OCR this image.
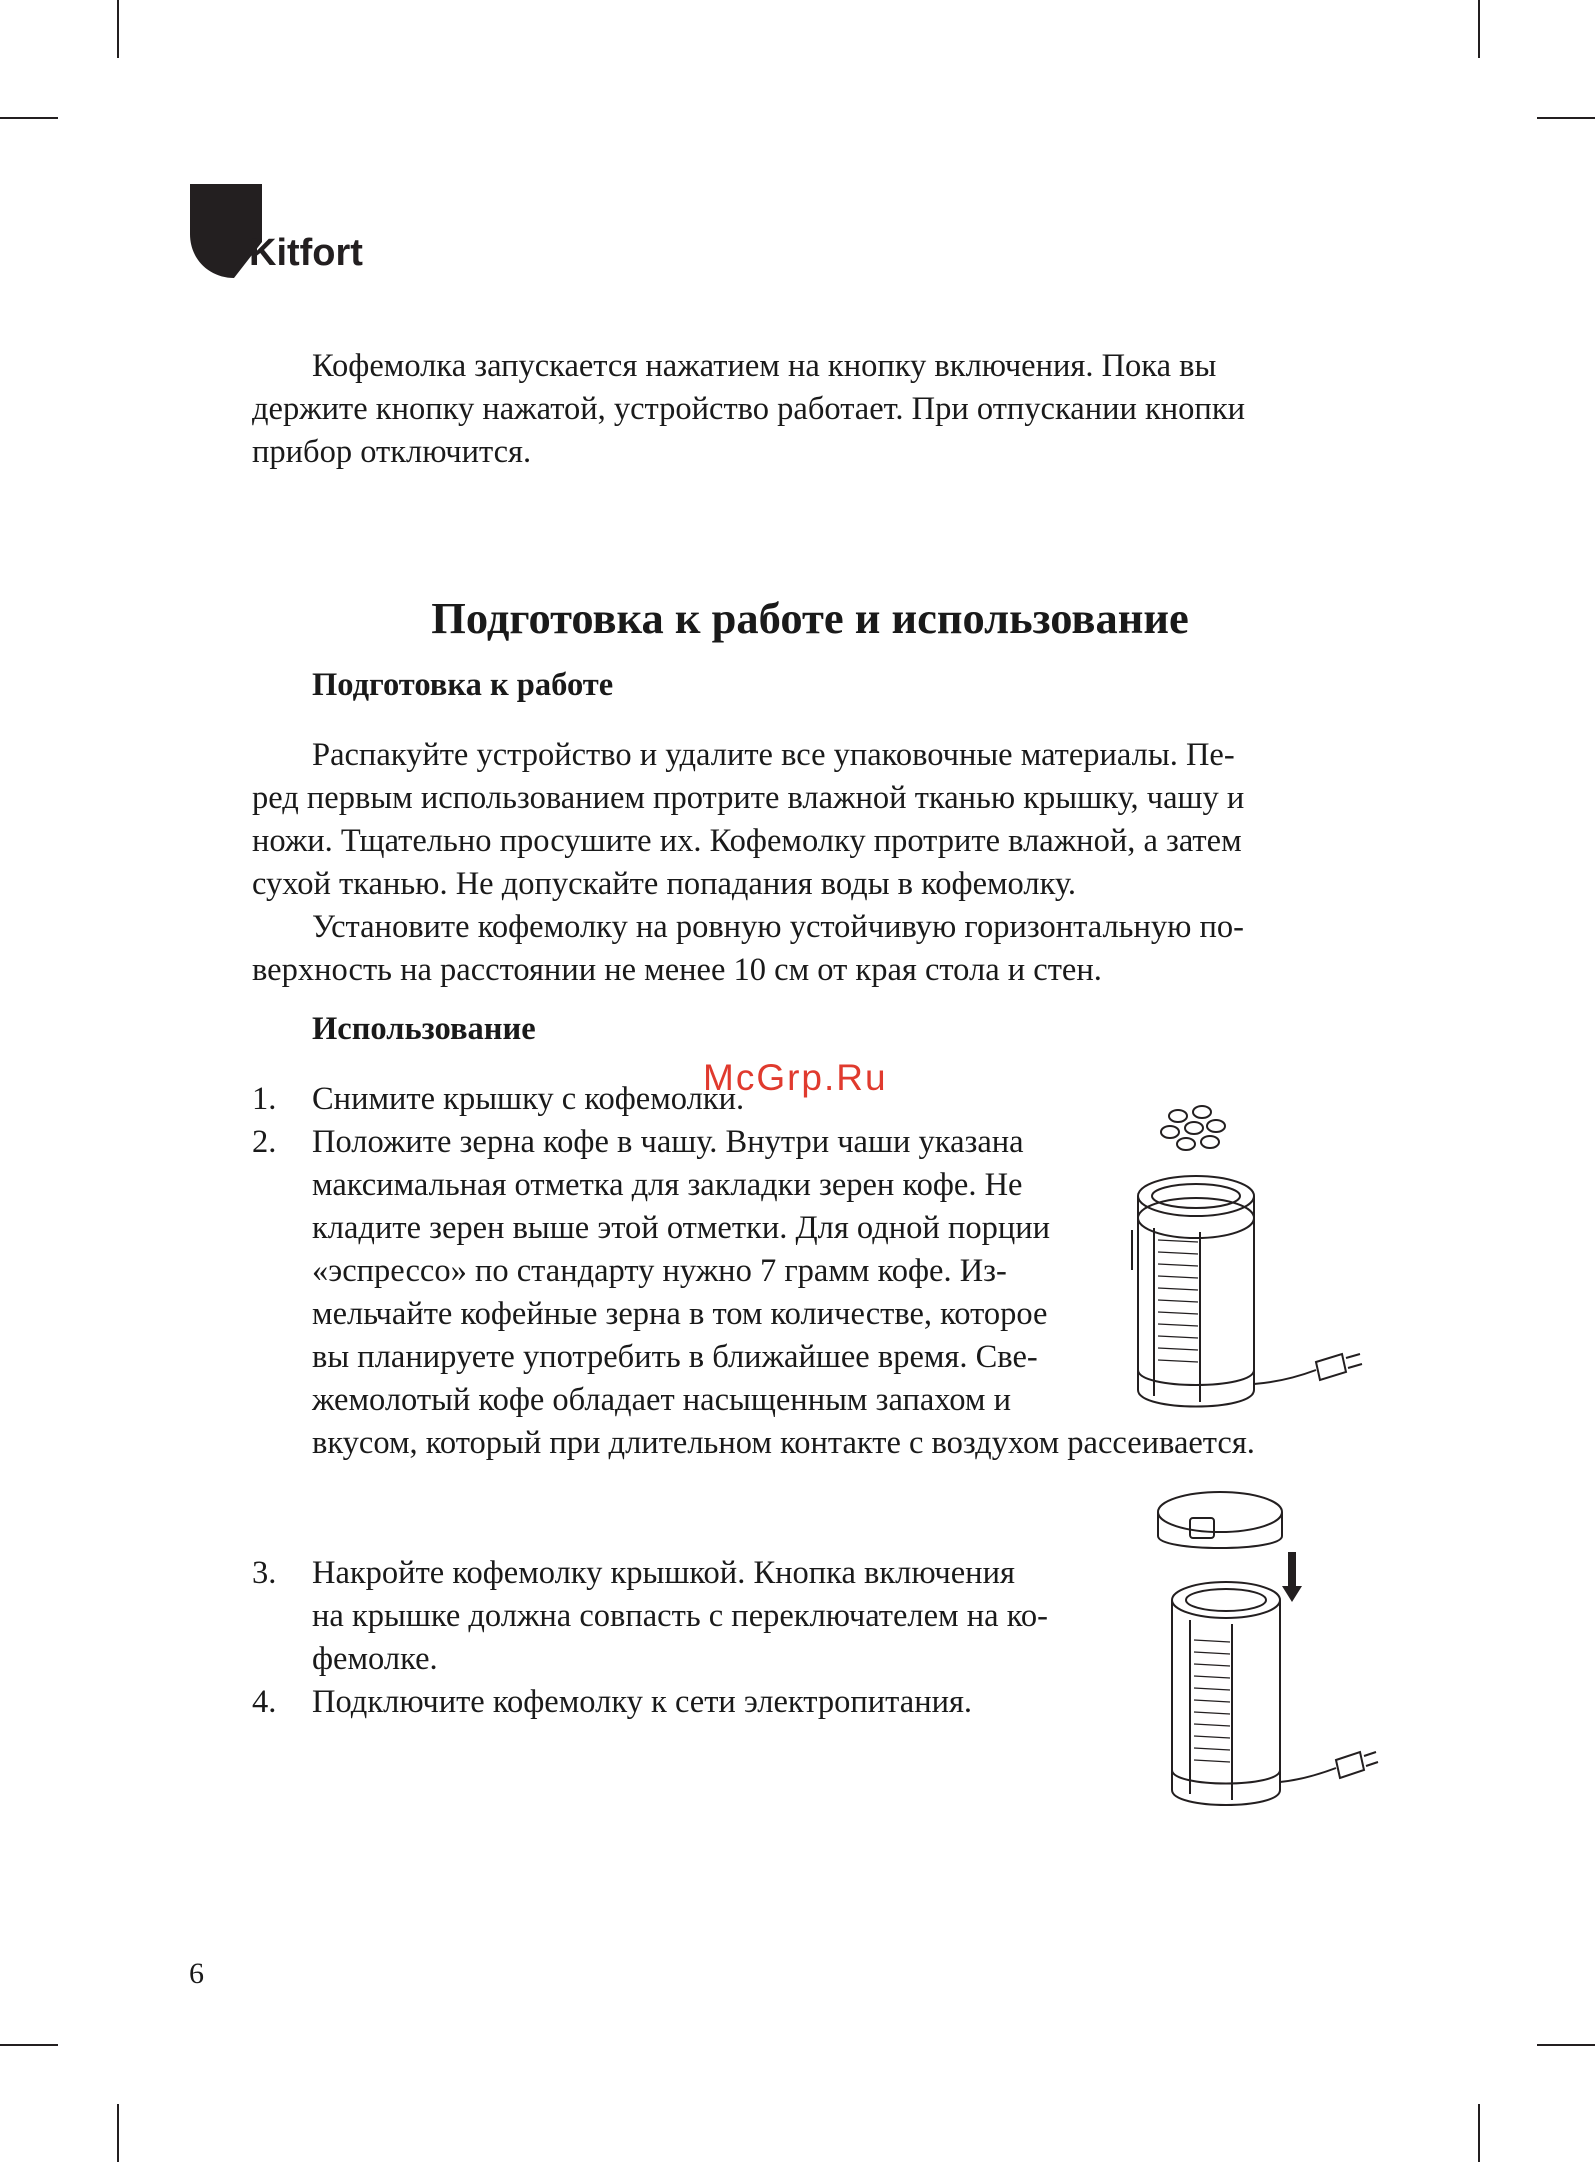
Kitfort
Кофемолка запускается нажатием на кнопку включения. Пока вы
держите кнопку нажатой, устройство работает. При отпускании кнопки
прибор отключится.
Подготовка к работе и использование
Подготовка к работе
Распакуйте устройство и удалите все упаковочные материалы. Пе-
ред первым использованием протрите влажной тканью крышку, чашу и
ножи. Тщательно просушите их. Кофемолку протрите влажной, а затем
сухой тканью. Не допускайте попадания воды в кофемолку.
Установите кофемолку на ровную устойчивую горизонтальную по-
верхность на расстоянии не менее 10 см от края стола и стен.
Использование
1. Снимите крышку с кофемолки.
2. Положите зерна кофе в чашу. Внутри чаши указана
максимальная отметка для закладки зерен кофе. Не
кладите зерен выше этой отметки. Для одной порции
«эспрессо» по стандарту нужно 7 грамм кофе. Из-
мельчайте кофейные зерна в том количестве, которое
вы планируете употребить в ближайшее время. Све-
жемолотый кофе обладает насыщенным запахом и
вкусом, который при длительном контакте с воздухом рассеивается.
3. Накройте кофемолку крышкой. Кнопка включения
на крышке должна совпасть с переключателем на ко-
фемолке.
4. Подключите кофемолку к сети электропитания.
McGrp.Ru
6
